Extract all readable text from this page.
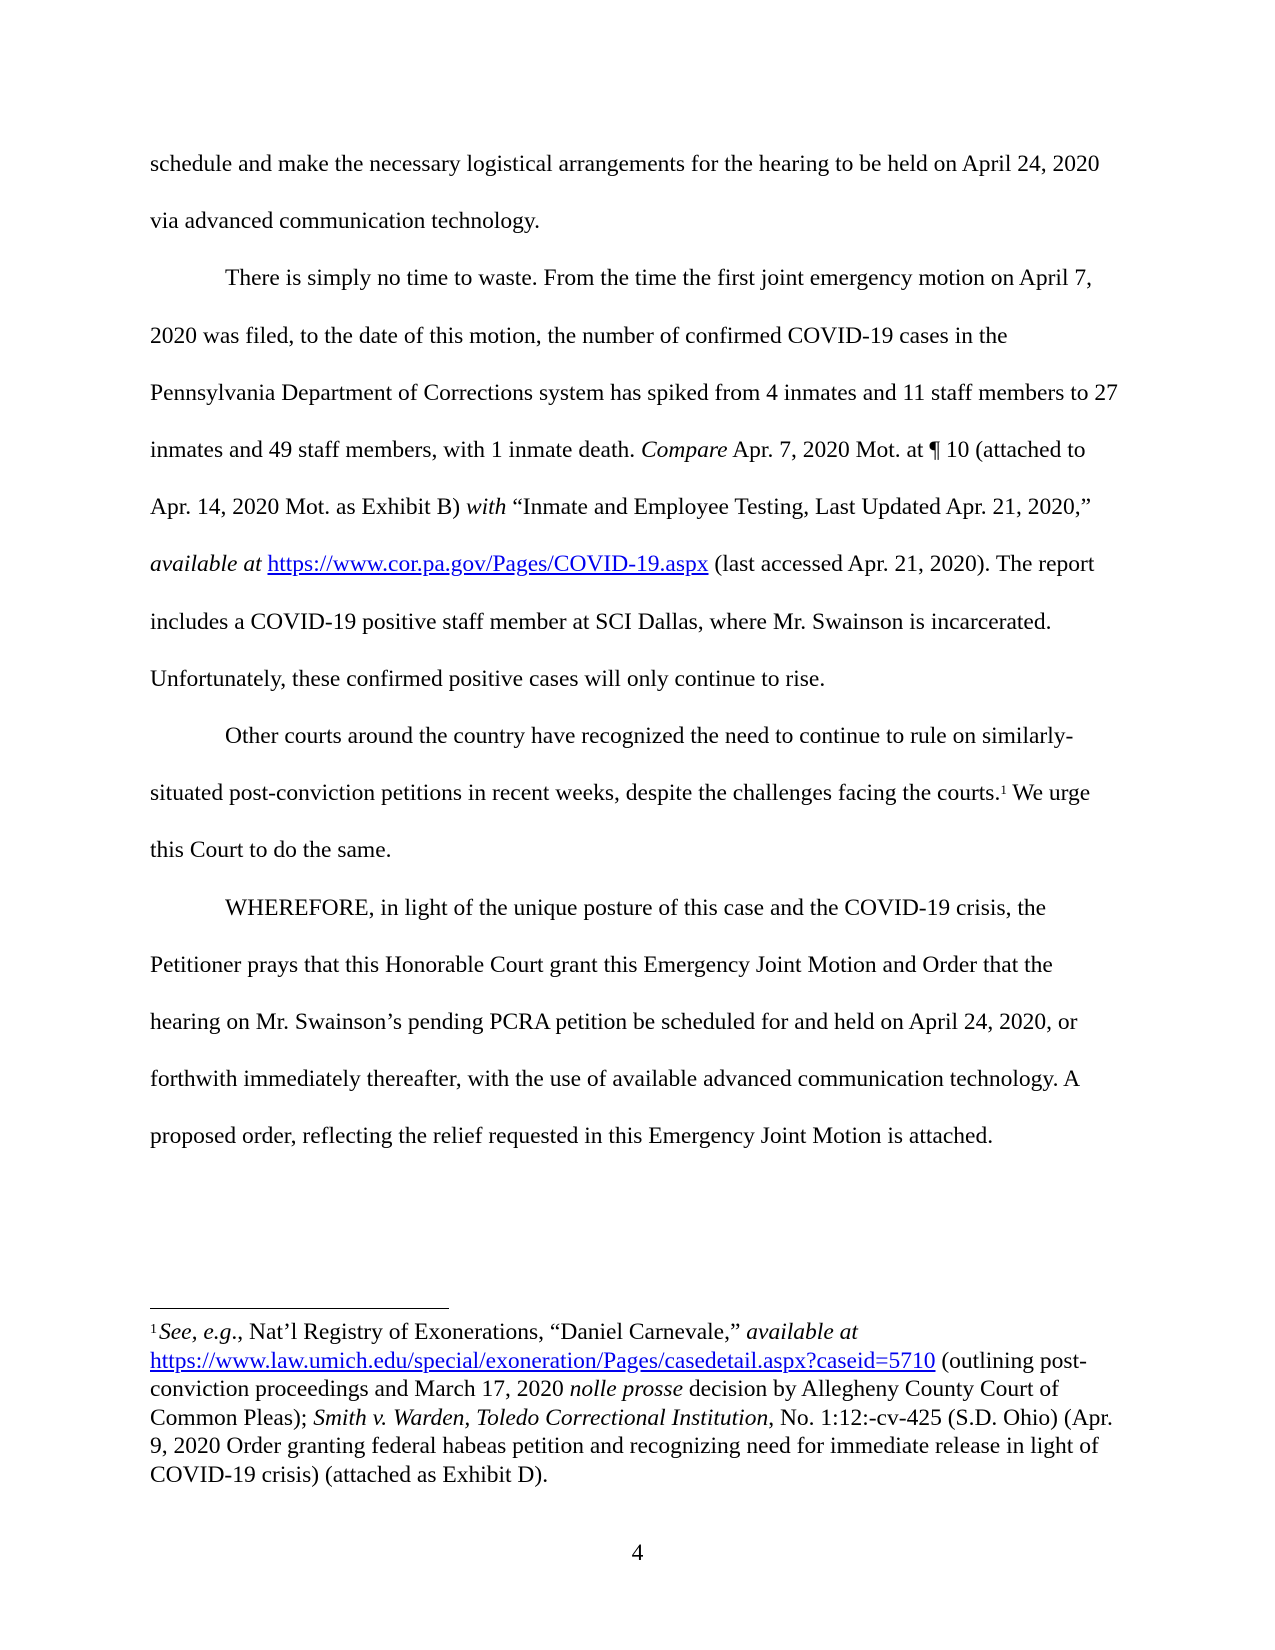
schedule and make the necessary logistical arrangements for the hearing to be held on April 24, 2020 via advanced communication technology.

There is simply no time to waste. From the time the first joint emergency motion on April 7, 2020 was filed, to the date of this motion, the number of confirmed COVID-19 cases in the Pennsylvania Department of Corrections system has spiked from 4 inmates and 11 staff members to 27 inmates and 49 staff members, with 1 inmate death. Compare Apr. 7, 2020 Mot. at ¶ 10 (attached to Apr. 14, 2020 Mot. as Exhibit B) with “Inmate and Employee Testing, Last Updated Apr. 21, 2020,” available at https://www.cor.pa.gov/Pages/COVID-19.aspx (last accessed Apr. 21, 2020). The report includes a COVID-19 positive staff member at SCI Dallas, where Mr. Swainson is incarcerated. Unfortunately, these confirmed positive cases will only continue to rise.

Other courts around the country have recognized the need to continue to rule on similarly-situated post-conviction petitions in recent weeks, despite the challenges facing the courts.$^1$ We urge this Court to do the same.

WHEREFORE, in light of the unique posture of this case and the COVID-19 crisis, the Petitioner prays that this Honorable Court grant this Emergency Joint Motion and Order that the hearing on Mr. Swainson’s pending PCRA petition be scheduled for and held on April 24, 2020, or forthwith immediately thereafter, with the use of available advanced communication technology. A proposed order, reflecting the relief requested in this Emergency Joint Motion is attached.

$^1$See, e.g., Nat’l Registry of Exonerations, “Daniel Carnevale,” available at https://www.law.umich.edu/special/exoneration/Pages/casedetail.aspx?caseid=5710 (outlining post-conviction proceedings and March 17, 2020 nolle prosse decision by Allegheny County Court of Common Pleas); Smith v. Warden, Toledo Correctional Institution, No. 1:12:-cv-425 (S.D. Ohio) (Apr. 9, 2020 Order granting federal habeas petition and recognizing need for immediate release in light of COVID-19 crisis) (attached as Exhibit D).

4
